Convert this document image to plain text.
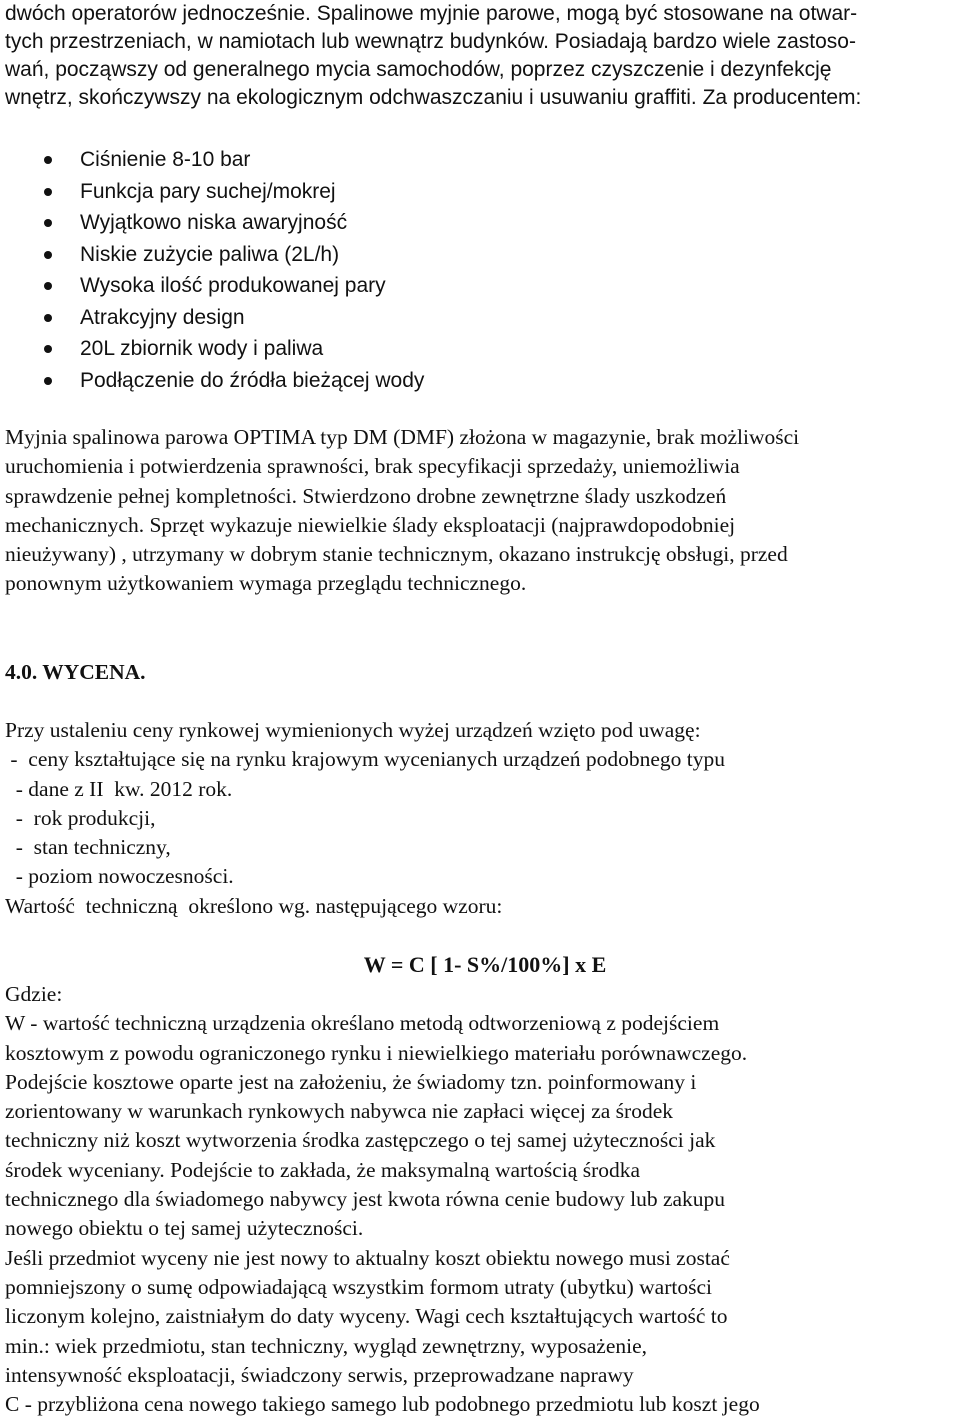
dwóch operatorów jednocześnie. Spalinowe myjnie parowe, mogą być stosowane na otwar-
tych przestrzeniach, w namiotach lub wewnątrz budynków. Posiadają bardzo wiele zastoso-
wań, począwszy od generalnego mycia samochodów, poprzez czyszczenie i dezynfekcję
wnętrz, skończywszy na ekologicznym odchwaszczaniu i usuwaniu graffiti. Za producentem:
Ciśnienie 8-10 bar
Funkcja pary suchej/mokrej
Wyjątkowo niska awaryjność
Niskie zużycie paliwa (2L/h)
Wysoka ilość produkowanej pary
Atrakcyjny design
20L zbiornik wody i paliwa
Podłączenie do źródła bieżącej wody
Myjnia spalinowa parowa OPTIMA typ DM (DMF) złożona w magazynie, brak możliwości
uruchomienia i potwierdzenia sprawności, brak specyfikacji sprzedaży, uniemożliwia
sprawdzenie pełnej kompletności. Stwierdzono drobne zewnętrzne ślady uszkodzeń
mechanicznych. Sprzęt wykazuje niewielkie ślady eksploatacji (najprawdopodobniej
nieużywany) , utrzymany w dobrym stanie technicznym, okazano instrukcję obsługi, przed
ponownym użytkowaniem wymaga przeglądu technicznego.
4.0. WYCENA.
Przy ustaleniu ceny rynkowej wymienionych wyżej urządzeń wzięto pod uwagę:
-  ceny kształtujące się na rynku krajowym wycenianych urządzeń podobnego typu
- dane z II  kw. 2012 rok.
-  rok produkcji,
-  stan techniczny,
- poziom nowoczesności.
Wartość  techniczną  określono wg. następującego wzoru:
W = C [ 1- S%/100%] x E
Gdzie:
W - wartość techniczną urządzenia określano metodą odtworzeniową z podejściem
kosztowym z powodu ograniczonego rynku i niewielkiego materiału porównawczego.
Podejście kosztowe oparte jest na założeniu, że świadomy tzn. poinformowany i
zorientowany w warunkach rynkowych nabywca nie zapłaci więcej za środek
techniczny niż koszt wytworzenia środka zastępczego o tej samej użyteczności jak
środek wyceniany. Podejście to zakłada, że maksymalną wartością środka
technicznego dla świadomego nabywcy jest kwota równa cenie budowy lub zakupu
nowego obiektu o tej samej użyteczności.
Jeśli przedmiot wyceny nie jest nowy to aktualny koszt obiektu nowego musi zostać
pomniejszony o sumę odpowiadającą wszystkim formom utraty (ubytku) wartości
liczonym kolejno, zaistniałym do daty wyceny. Wagi cech kształtujących wartość to
min.: wiek przedmiotu, stan techniczny, wygląd zewnętrzny, wyposażenie,
intensywność eksploatacji, świadczony serwis, przeprowadzane naprawy
C - przybliżona cena nowego takiego samego lub podobnego przedmiotu lub koszt jego
